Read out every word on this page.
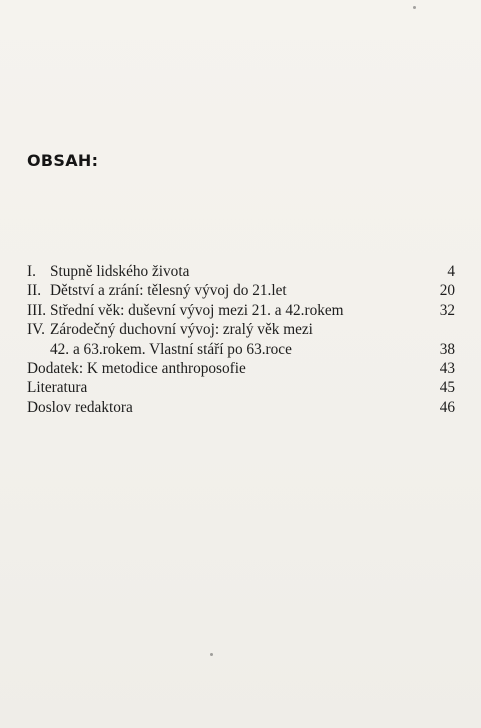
OBSAH:
I. Stupně lidského života	4
II. Dětství a zrání: tělesný vývoj do 21.let	20
III. Střední věk: duševní vývoj mezi 21. a 42.rokem	32
IV. Zárodečný duchovní vývoj: zralý věk mezi
42. a 63.rokem. Vlastní stáří po 63.roce	38
Dodatek: K metodice anthroposofie	43
Literatura	45
Doslov redaktora	46
